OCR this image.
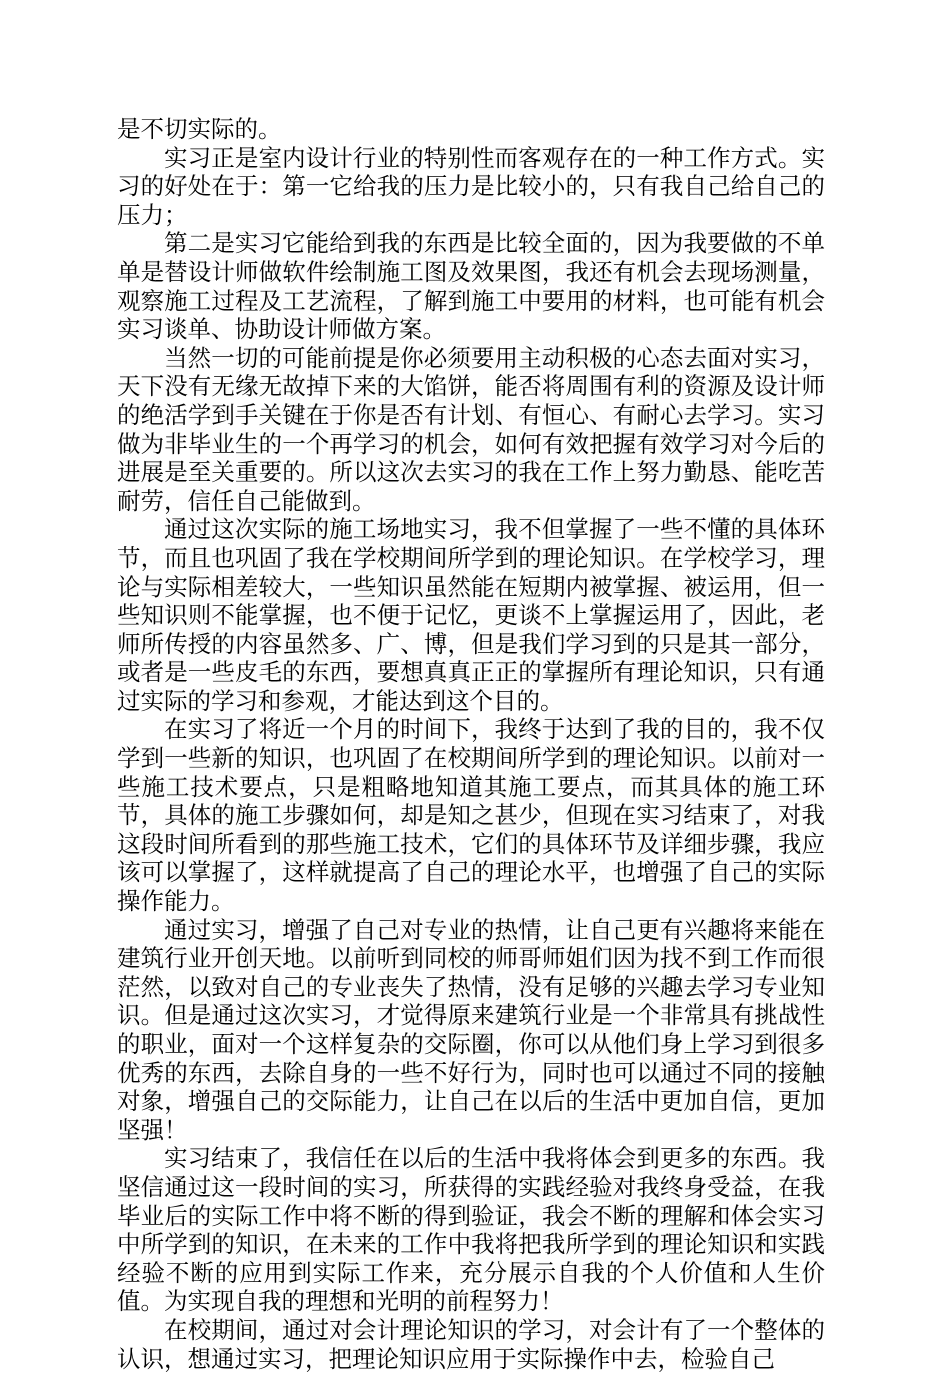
是不切实际的。

实习正是室内设计行业的特别性而客观存在的一种工作方式。实习的好处在于：第一它给我的压力是比较小的，只有我自己给自己的压力；

第二是实习它能给到我的东西是比较全面的，因为我要做的不单单是替设计师做软件绘制施工图及效果图，我还有机会去现场测量，观察施工过程及工艺流程，了解到施工中要用的材料，也可能有机会实习谈单、协助设计师做方案。

当然一切的可能前提是你必须要用主动积极的心态去面对实习，天下没有无缘无故掉下来的大馅饼，能否将周围有利的资源及设计师的绝活学到手关键在于你是否有计划、有恒心、有耐心去学习。实习做为非毕业生的一个再学习的机会，如何有效把握有效学习对今后的进展是至关重要的。所以这次去实习的我在工作上努力勤恳、能吃苦耐劳，信任自己能做到。

通过这次实际的施工场地实习，我不但掌握了一些不懂的具体环节，而且也巩固了我在学校期间所学到的理论知识。在学校学习，理论与实际相差较大，一些知识虽然能在短期内被掌握、被运用，但一些知识则不能掌握，也不便于记忆，更谈不上掌握运用了，因此，老师所传授的内容虽然多、广、博，但是我们学习到的只是其一部分，或者是一些皮毛的东西，要想真真正正的掌握所有理论知识，只有通过实际的学习和参观，才能达到这个目的。

在实习了将近一个月的时间下，我终于达到了我的目的，我不仅学到一些新的知识，也巩固了在校期间所学到的理论知识。以前对一些施工技术要点，只是粗略地知道其施工要点，而其具体的施工环节，具体的施工步骤如何，却是知之甚少，但现在实习结束了，对我这段时间所看到的那些施工技术，它们的具体环节及详细步骤，我应该可以掌握了，这样就提高了自己的理论水平，也增强了自己的实际操作能力。

通过实习，增强了自己对专业的热情，让自己更有兴趣将来能在建筑行业开创天地。以前听到同校的师哥师姐们因为找不到工作而很茫然，以致对自己的专业丧失了热情，没有足够的兴趣去学习专业知识。但是通过这次实习，才觉得原来建筑行业是一个非常具有挑战性的职业，面对一个这样复杂的交际圈，你可以从他们身上学习到很多优秀的东西，去除自身的一些不好行为，同时也可以通过不同的接触对象，增强自己的交际能力，让自己在以后的生活中更加自信，更加坚强！

实习结束了，我信任在以后的生活中我将体会到更多的东西。我坚信通过这一段时间的实习，所获得的实践经验对我终身受益，在我毕业后的实际工作中将不断的得到验证，我会不断的理解和体会实习中所学到的知识，在未来的工作中我将把我所学到的理论知识和实践经验不断的应用到实际工作来，充分展示自我的个人价值和人生价值。为实现自我的理想和光明的前程努力！

在校期间，通过对会计理论知识的学习，对会计有了一个整体的认识，想通过实习，把理论知识应用于实际操作中去，检验自己
